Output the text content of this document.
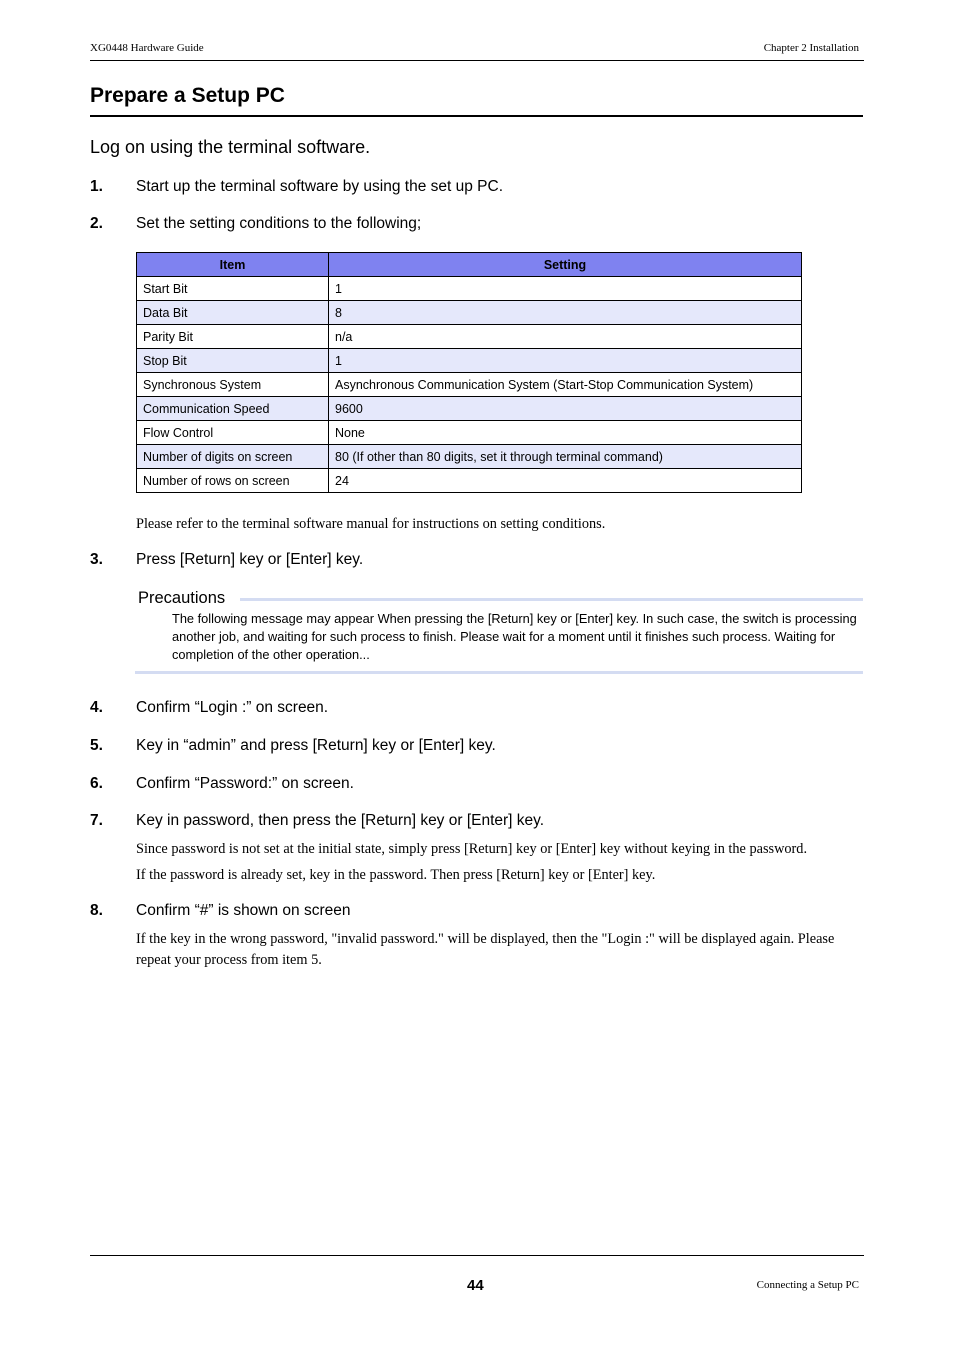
XG0448 Hardware Guide	Chapter 2 Installation
Prepare a Setup PC
Log on using the terminal software.
1. Start up the terminal software by using the set up PC.
2. Set the setting conditions to the following;
Item	Setting
Start Bit	1
Data Bit	8
Parity Bit	n/a
Stop Bit	1
Synchronous System	Asynchronous Communication System (Start-Stop Communication System)
Communication Speed	9600
Flow Control	None
Number of digits on screen	80 (If other than 80 digits, set it through terminal command)
Number of rows on screen	24
Please refer to the terminal software manual for instructions on setting conditions.
3. Press [Return] key or [Enter] key.
Precautions
The following message may appear When pressing the [Return] key or [Enter] key. In such case, the switch is processing another job, and waiting for such process to finish. Please wait for a moment until it finishes such process. Waiting for completion of the other operation...
4. Confirm “Login :” on screen.
5. Key in “admin” and press [Return] key or [Enter] key.
6. Confirm “Password:” on screen.
7. Key in password, then press the [Return] key or [Enter] key.
Since password is not set at the initial state, simply press [Return] key or [Enter] key without keying in the password.
If the password is already set, key in the password. Then press [Return] key or [Enter] key.
8. Confirm “#” is shown on screen
If the key in the wrong password, "invalid password." will be displayed, then the "Login :" will be displayed again. Please repeat your process from item 5.
44	Connecting a Setup PC
